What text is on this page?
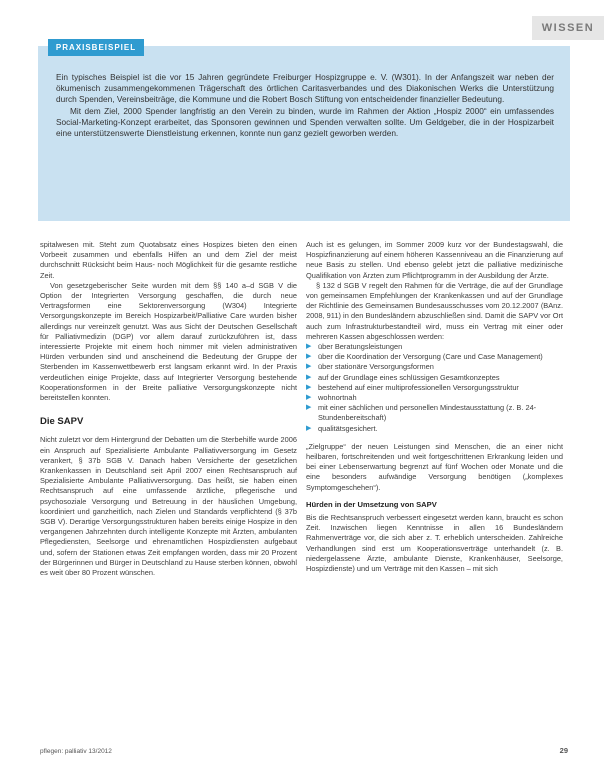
WISSEN
PRAXISBEISPIEL

Ein typisches Beispiel ist die vor 15 Jahren gegründete Freiburger Hospizgruppe e. V. (W301). In der Anfangszeit war neben der ökumenisch zusammengekommenen Trägerschaft des örtlichen Caritasverbandes und des Diakonischen Werks die Unterstützung durch Spenden, Vereinsbeiträge, die Kommune und die Robert Bosch Stiftung von entscheidender finanzieller Bedeutung.

Mit dem Ziel, 2000 Spender langfristig an den Verein zu binden, wurde im Rahmen der Aktion „Hospiz 2000“ ein umfassendes Social-Marketing-Konzept erarbeitet, das Sponsoren gewinnen und Spenden verwalten sollte. Um Geldgeber, die in der Hospizarbeit eine unterstützenswerte Dienstleistung erkennen, konnte nun ganz gezielt geworben werden.

spitalwesen mit. Steht zum Quotabsatz eines Hospizes bieten den einen Vorbeeit zusammen und ebenfalls Hilfen an und dem Ziel der meist durchschnitt Rücksicht beim Haus- noch Möglichkeit für die gesamte restliche Zeit.

Von gesetzgeberischer Seite wurden mit dem §§ 140 a–d SGB V die Option der Integrierten Versorgung geschaffen, die durch neue Vertragsformen eine Sektorenversorgung (W304) Integrierte Versorgungskonzepte im Bereich Hospizarbeit/Palliative Care wurden bisher allerdings nur vereinzelt genutzt. Was aus Sicht der Deutschen Gesellschaft für Palliativmedizin (DGP) vor allem darauf zurückzuführen ist, dass interessierte Projekte mit einem hoch nimmer mit vielen administrativen Hürden verbunden sind und anscheinend die Bedeutung der Gruppe der Sterbenden im Kassenwettbewerb erst langsam erkannt wird. In der Praxis verdeutlichen einige Projekte, dass auf Integrierter Versorgung bestehende Kooperationsformen in der Breite palliative Versorgungskonzepte nicht bereitstellen konnten.

Die SAPV

Nicht zuletzt vor dem Hintergrund der Debatten um die Sterbehilfe wurde 2006 ein Anspruch auf Spezialisierte Ambulante Palliativversorgung im Gesetz verankert, § 37b SGB V. Danach haben Versicherte der gesetzlichen Krankenkassen in Deutschland seit April 2007 einen Rechtsanspruch auf Spezialisierte Ambulante Palliativversorgung. Das heißt, sie haben einen Rechtsanspruch auf eine umfassende ärztliche, pflegerische und psychosoziale Versorgung und Betreuung in der häuslichen Umgebung, koordiniert und ganzheitlich, nach Zielen und Standards verpflichtend (§ 37b SGB V). Derartige Versorgungsstrukturen haben bereits einige Hospize in den vergangenen Jahrzehnten durch intelligente Konzepte mit Ärzten, ambulanten Pflegediensten, Seelsorge und ehrenamtlichen Hospizdiensten aufgebaut und, sofern der Stationen etwas Zeit empfangen worden, dass mir 20 Prozent der Bürgerinnen und Bürger in Deutschland zu Hause sterben können, obwohl es weit über 80 Prozent wünschen.

Auch ist es gelungen, im Sommer 2009 kurz vor der Bundestagswahl, die Hospizfinanzierung auf einem höheren Kassenniveau an die Finanzierung auf neue Basis zu stellen. Und ebenso gelebt jetzt die palliative medizinische Qualifikation von Ärzten zum Pflichtprogramm in der Ausbildung der Ärzte.

§ 132 d SGB V regelt den Rahmen für die Verträge, die auf der Grundlage von gemeinsamen Empfehlungen der Krankenkassen und auf der Grundlage der Richtlinie des Gemeinsamen Bundesausschusses vom 20.12.2007 (BAnz. 2008, 911) in den Bundesländern abzuschließen sind. Damit die SAPV vor Ort auch zum Infrastrukturbestandteil wird, muss ein Vertrag mit einer oder mehreren Kassen abgeschlossen werden:

▶ über Beratungsleistungen
▶ über die Koordination der Versorgung (Care und Case Management)
▶ über stationäre Versorgungsformen
▶ auf der Grundlage eines schlüssigen Gesamtkonzeptes
▶ bestehend auf einer multiprofessionellen Versorgungsstruktur
▶ wohnortnah
▶ mit einer sächlichen und personellen Mindestausstattung (z. B. 24-Stundenbereitschaft)
▶ qualitätsgesichert.

„Zielgruppe“ der neuen Leistungen sind Menschen, die an einer nicht heilbaren, fortschreitenden und weit fortgeschrittenen Erkrankung leiden und bei einer Lebenserwartung begrenzt auf fünf Wochen oder Monate und die eine besonders aufwändige Versorgung benötigen („komplexes Symptomgeschehen“).

Hürden in der Umsetzung von SAPV

Bis die Rechtsanspruch verbessert eingesetzt werden kann, braucht es schon Zeit. Inzwischen liegen Kenntnisse in allen 16 Bundesländern Rahmenverträge vor, die sich aber z. T. erheblich unterscheiden. Zahlreiche Verhandlungen sind erst um Kooperationsverträge unterhandelt (z. B. niedergelassene Ärzte, ambulante Dienste, Krankenhäuser, Seelsorge, Hospizdienste) und um Verträge mit den Kassen – mit sich

pflegen: palliativ 13/2012	29
